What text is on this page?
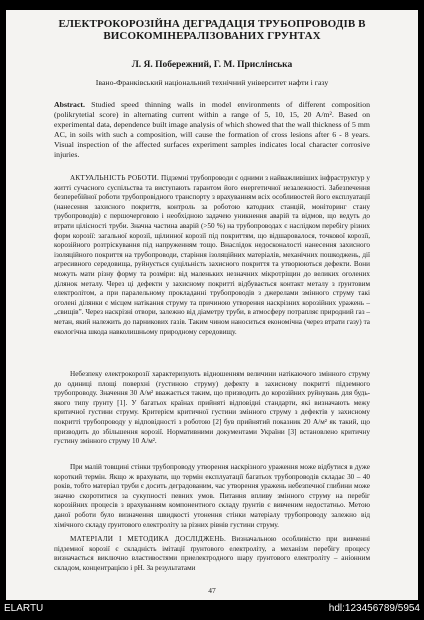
ЕЛЕКТРОКОРОЗІЙНА ДЕГРАДАЦІЯ ТРУБОПРОВОДІВ В
ВИСОКОМІНЕРАЛІЗОВАНИХ ГРУНТАХ
Л. Я. Побережний, Г. М. Прислінська
Івано-Франківський національний технічний університет нафти і газу

Abstract. Studied speed thinning walls in model environments of different composition (polikrytetial score) in alternating current within a range of 5, 10, 15, 20 A/m². Based on experimental data, dependence built image analysis of which showed that the wall thickness of 5 mm AC, in soils with such a composition, will cause the formation of cross lesions after 6 - 8 years. Visual inspection of the affected surfaces experiment samples indicates local character corrosive injuries.

АКТУАЛЬНІСТЬ РОБОТИ. Підземні трубопроводи є одними з найважливіших інфраструктур у житті сучасного суспільства та виступають гарантом його енергетичної незалежності. Забезпечення безперебійної роботи трубопровідного транспорту з врахуванням всіх особливостей його експлуатації (нанесення захисного покриття, контроль за роботою катодних станцій, моніторинг стану трубопроводів) є першочерговою і необхідною задачею уникнення аварій та відмов, що ведуть до втрати цілісності труби. Значна частина аварій (>50 %) на трубопроводах є наслідком перебігу різних форм корозії: загальної корозії, щілинної корозії під покриттям, що відшаровалося, точкової корозії, корозійного розтріскування під напруженням тощо. Внаслідок недосконалості нанесення захисного ізоляційного покриття на трубопроводи, старіння ізоляційних матеріалів, механічних пошкоджень, дії агресивного середовища, руйнується суцільність захисного покриття та утворюються дефекти. Вони можуть мати різну форму та розміри: від маленьких незначних мікротріщин до великих оголених ділянок металу. Через ці дефекти у захисному покритті відбувається контакт металу з ґрунтовим електролітом, а при паралельному прокладанні трубопроводів з джерелами змінного струму такі оголені ділянки є місцем натікання струму та причиною утворення наскрізних корозійних уражень – „свищів”. Через наскрізні отвори, залежно від діаметру труби, в атмосферу потрапляє природний газ – метан, який належить до парникових газів. Таким чином наноситься економічна (через втрати газу) та екологічна шкода навколишньому природному середовищу.

Небезпеку електрокорозії характеризують відношенням величини натікаючого змінного струму до одиниці площі поверхні (густиною струму) дефекту в захисному покритті підземного трубопроводу. Значення 30 А/м² вважається таким, що призводить до корозійних руйнувань для будь-якого типу ґрунту [1]. У багатьох країнах прийняті відповідні стандарти, які визначають межу критичної густини струму. Критерієм критичної густини змінного струму з дефектів у захисному покритті трубопроводу у відповідності з роботою [2] був прийнятий показник 20 А/м² як такий, що призводить до збільшення корозії. Нормативними документами України [3] встановлено критичну густину змінного струму 10 А/м².

При малій товщині стінки трубопроводу утворення наскрізного ураження може відбутися в дуже короткий термін. Якщо ж врахувати, що термін експлуатації багатьох трубопроводів складає 30 – 40 років, тобто матеріал труби є досить деградованим, час утворення уражень небезпечної глибини може значно скоротитися за сукупності певних умов. Питання впливу змінного струму на перебіг корозійних процесів з врахуванням компонентного складу ґрунтів є вивченим недостатньо. Метою даної роботи було визначення швидкості утонення стінки матеріалу трубопроводу залежно від хімічного складу ґрунтового електроліту за різних рівнів густини струму.

МАТЕРІАЛИ І МЕТОДИКА ДОСЛІДЖЕНЬ. Визначальною особливістю при вивченні підземної корозії є складність імітації ґрунтового електроліту, а механізм перебігу процесу визначається виключно властивостями приелектродного шару ґрунтового електроліту – аніонним складом, концентрацією і pH. За результатами

47
ELARTU	hdl:123456789/5954
